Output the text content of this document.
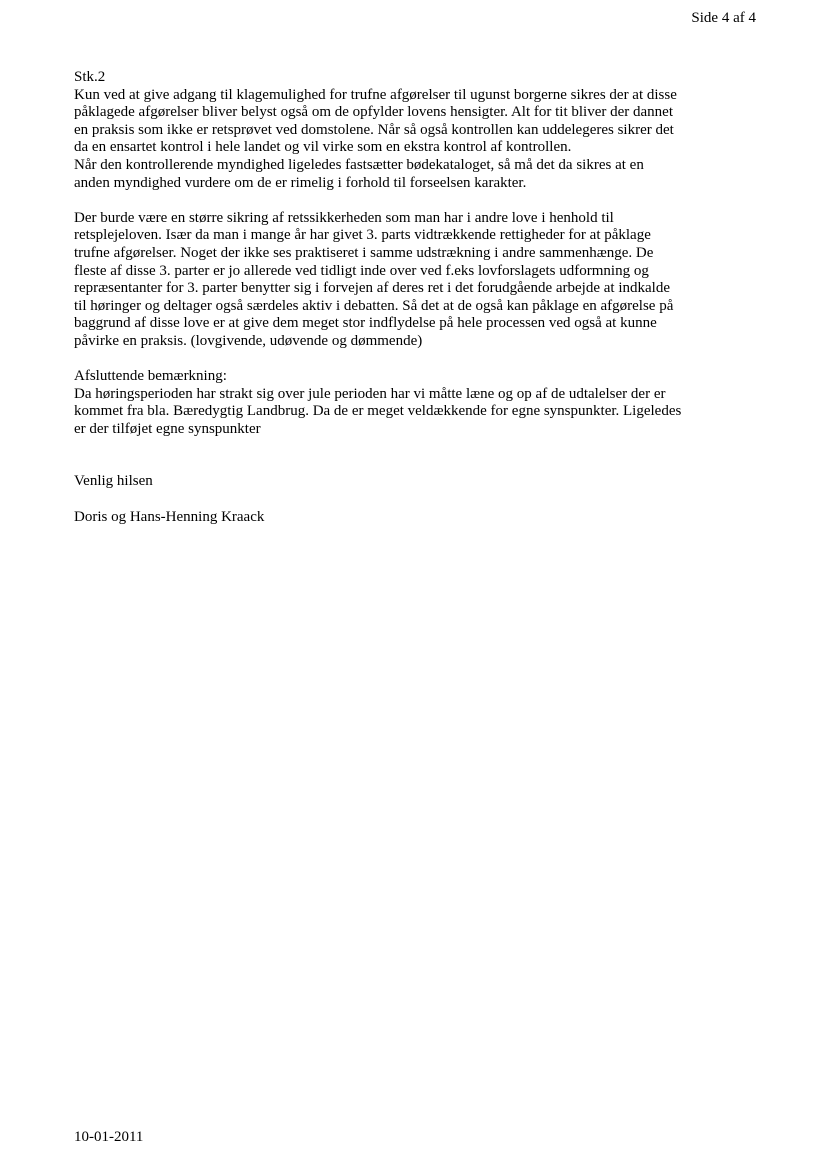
Side 4 af 4
Stk.2
Kun ved at give adgang til klagemulighed for trufne afgørelser til ugunst borgerne sikres der at disse
påklagede afgørelser bliver belyst også om de opfylder lovens hensigter. Alt for tit bliver der dannet
en praksis som ikke er retsprøvet ved domstolene. Når så også kontrollen kan uddelegeres sikrer det
da en ensartet kontrol i hele landet og vil virke som en ekstra kontrol af kontrollen.
Når den kontrollerende myndighed ligeledes fastsætter bødekataloget, så må det da sikres at en
anden myndighed vurdere om de er rimelig i forhold til forseelsen karakter.
Der burde være en større sikring af retssikkerheden som man har i andre love i henhold til
retsplejeloven. Især da man i mange år har givet 3. parts vidtrækkende rettigheder for at påklage
trufne afgørelser. Noget der ikke ses praktiseret i samme udstrækning i andre sammenhænge. De
fleste af disse 3. parter er jo allerede ved tidligt inde over ved f.eks lovforslagets udformning og
repræsentanter for 3. parter benytter sig i forvejen af deres ret i det forudgående arbejde at indkalde
til høringer og deltager også særdeles aktiv i debatten. Så det at de også kan påklage en afgørelse på
baggrund af disse love er at give dem meget stor indflydelse på hele processen ved også at kunne
påvirke en praksis. (lovgivende, udøvende og dømmende)
Afsluttende bemærkning:
Da høringsperioden har strakt sig over jule perioden har vi måtte læne og op af de udtalelser der er
kommet fra bla. Bæredygtig Landbrug. Da de er meget veldækkende for egne synspunkter. Ligeledes
er der tilføjet egne synspunkter
Venlig hilsen
Doris og Hans-Henning Kraack
10-01-2011
